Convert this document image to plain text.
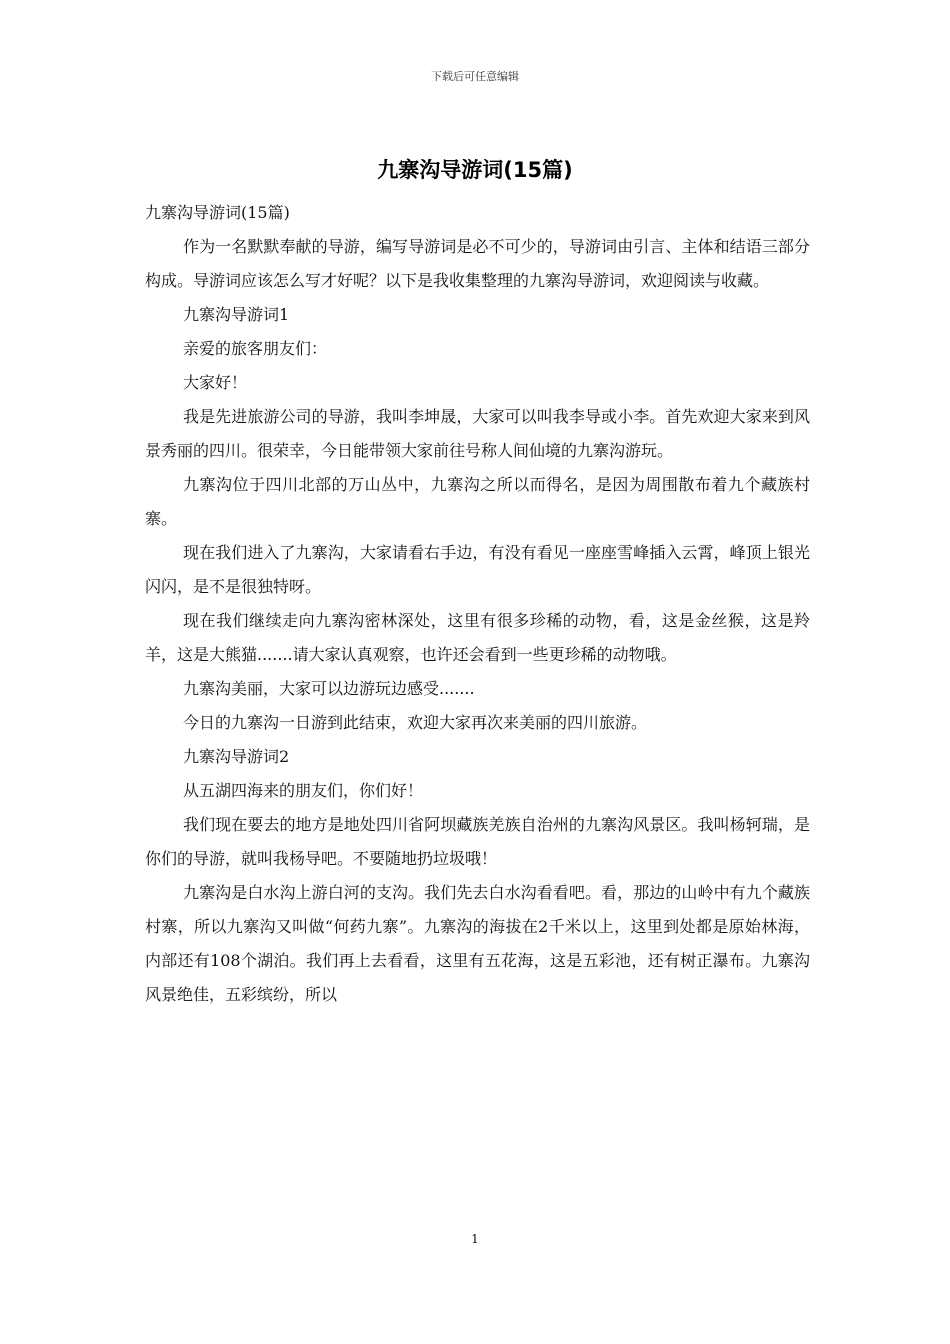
下载后可任意编辑
九寨沟导游词(15篇)

九寨沟导游词(15篇)

作为一名默默奉献的导游，编写导游词是必不可少的，导游词由引言、主体和结语三部分构成。导游词应该怎么写才好呢？以下是我收集整理的九寨沟导游词，欢迎阅读与收藏。

九寨沟导游词1

亲爱的旅客朋友们：

大家好！

我是先进旅游公司的导游，我叫李坤晟，大家可以叫我李导或小李。首先欢迎大家来到风景秀丽的四川。很荣幸，今日能带领大家前往号称人间仙境的九寨沟游玩。

九寨沟位于四川北部的万山丛中，九寨沟之所以而得名，是因为周围散布着九个藏族村寨。

现在我们进入了九寨沟，大家请看右手边，有没有看见一座座雪峰插入云霄，峰顶上银光闪闪，是不是很独特呀。

现在我们继续走向九寨沟密林深处，这里有很多珍稀的动物，看，这是金丝猴，这是羚羊，这是大熊猫.......请大家认真观察，也许还会看到一些更珍稀的动物哦。

九寨沟美丽，大家可以边游玩边感受.......

今日的九寨沟一日游到此结束，欢迎大家再次来美丽的四川旅游。

九寨沟导游词2

从五湖四海来的朋友们，你们好！

我们现在要去的地方是地处四川省阿坝藏族羌族自治州的九寨沟风景区。我叫杨轲瑞，是你们的导游，就叫我杨导吧。不要随地扔垃圾哦！

九寨沟是白水沟上游白河的支沟。我们先去白水沟看看吧。看，那边的山岭中有九个藏族村寨，所以九寨沟又叫做“何药九寨”。九寨沟的海拔在2千米以上，这里到处都是原始林海，内部还有108个湖泊。我们再上去看看，这里有五花海，这是五彩池，还有树正瀑布。九寨沟风景绝佳，五彩缤纷，所以

1
